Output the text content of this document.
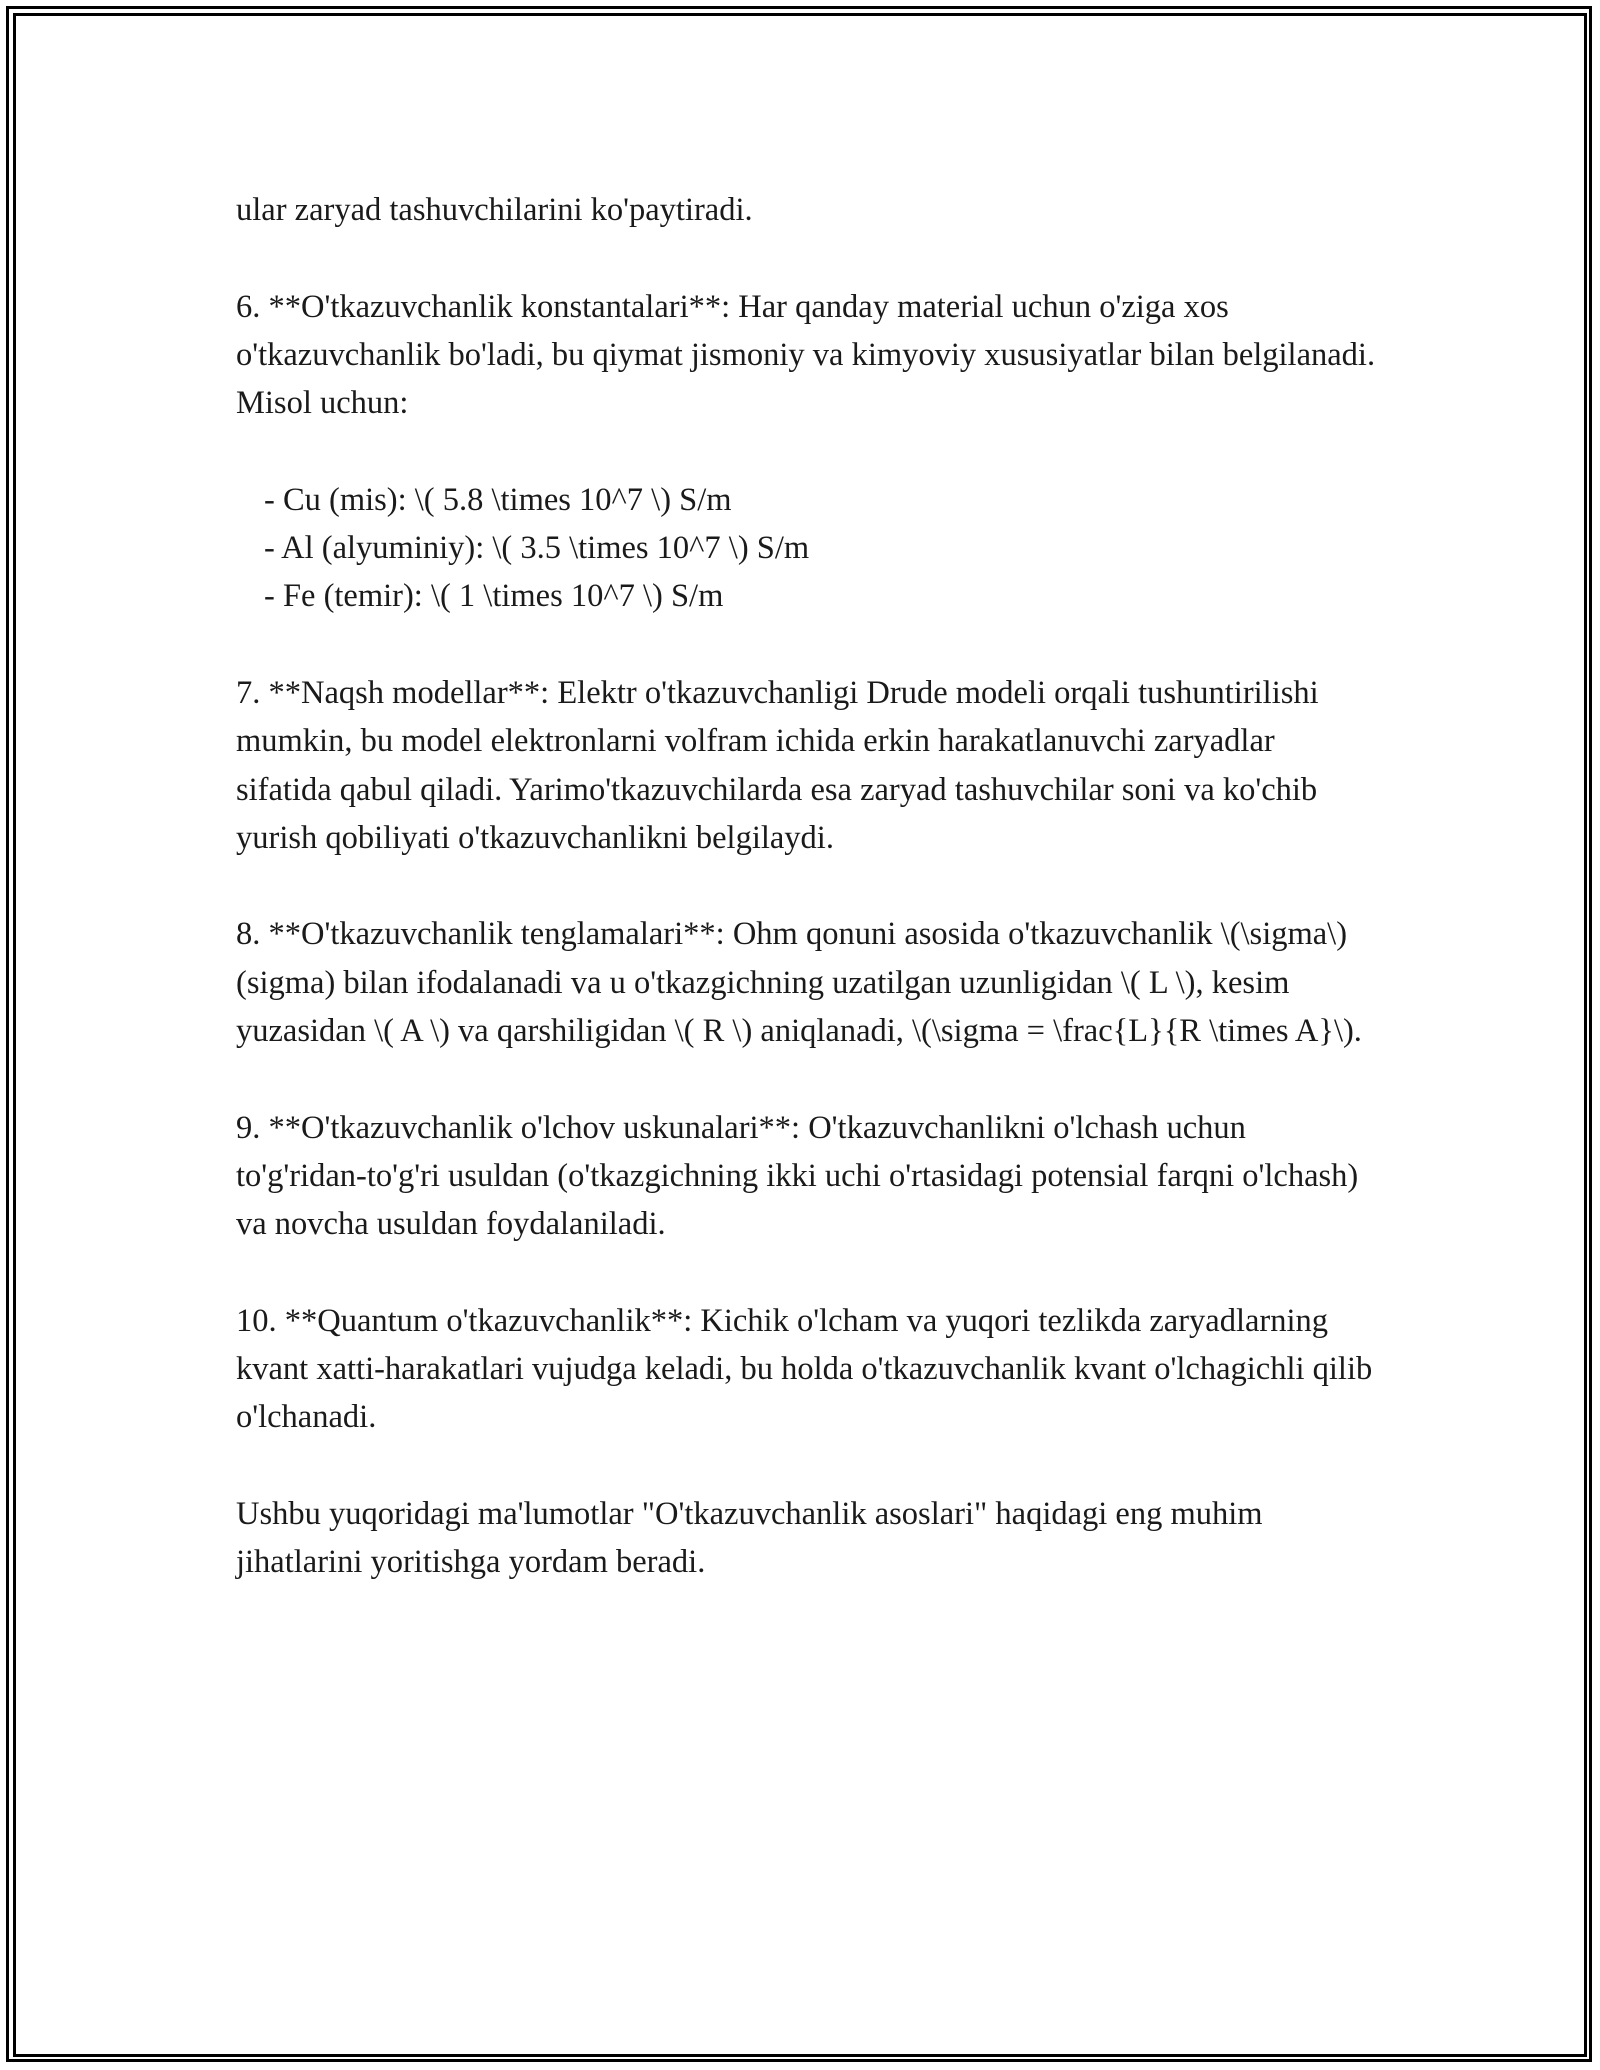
ular zaryad tashuvchilarini ko'paytiradi.

6. **O'tkazuvchanlik konstantalari**: Har qanday material uchun o'ziga xos o'tkazuvchanlik bo'ladi, bu qiymat jismoniy va kimyoviy xususiyatlar bilan belgilanadi. Misol uchun:

- Cu (mis): \( 5.8 \times 10^7 \) S/m
- Al (alyuminiy): \( 3.5 \times 10^7 \) S/m
- Fe (temir): \( 1 \times 10^7 \) S/m

7. **Naqsh modellar**: Elektr o'tkazuvchanligi Drude modeli orqali tushuntirilishi mumkin, bu model elektronlarni volfram ichida erkin harakatlanuvchi zaryadlar sifatida qabul qiladi. Yarimo'tkazuvchilarda esa zaryad tashuvchilar soni va ko'chib yurish qobiliyati o'tkazuvchanlikni belgilaydi.

8. **O'tkazuvchanlik tenglamalari**: Ohm qonuni asosida o'tkazuvchanlik \(\sigma\) (sigma) bilan ifodalanadi va u o'tkazgichning uzatilgan uzunligidan \( L \), kesim yuzasidan \( A \) va qarshiligidan \( R \) aniqlanadi, \(\sigma = \frac{L}{R \times A}\).

9. **O'tkazuvchanlik o'lchov uskunalari**: O'tkazuvchanlikni o'lchash uchun to'g'ridan-to'g'ri usuldan (o'tkazgichning ikki uchi o'rtasidagi potensial farqni o'lchash) va novcha usuldan foydalaniladi.

10. **Quantum o'tkazuvchanlik**: Kichik o'lcham va yuqori tezlikda zaryadlarning kvant xatti-harakatlari vujudga keladi, bu holda o'tkazuvchanlik kvant o'lchagichli qilib o'lchanadi.

Ushbu yuqoridagi ma'lumotlar "O'tkazuvchanlik asoslari" haqidagi eng muhim jihatlarini yoritishga yordam beradi.
